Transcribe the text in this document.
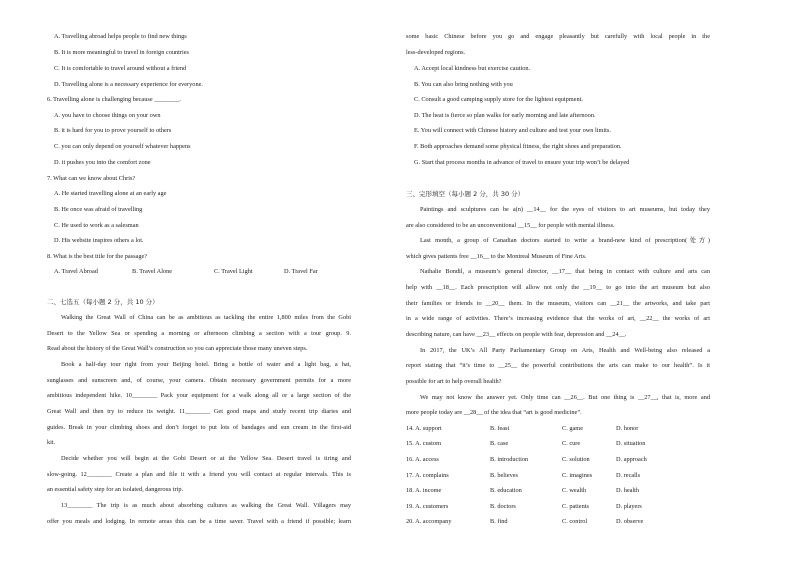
A. Travelling abroad helps people to find new things
B. It is more meaningful to travel in foreign countries
C. It is comfortable to travel around without a friend
D. Travelling alone is a necessary experience for everyone.
6. Travelling alone is challenging because ________.
A. you have to choose things on your own
B. it is hard for you to prove yourself to others
C. you can only depend on yourself whatever happens
D. it pushes you into the comfort zone
7. What can we know about Chris?
A. He started travelling alone at an early age
B. He once was afraid of travelling
C. He used to work as a salesman
D. His website inspires others a lot.
8. What is the best title for the passage?
A. Travel Abroad	B. Travel Alone	C. Travel Light	D. Travel Far
二、七选五（每小题 2 分，共 10 分）
Walking the Great Wall of China can be as ambitious as tackling the entire 1,800 miles from the Gobi
Desert to the Yellow Sea or spending a morning or afternoon climbing a section with a tour group. 9.
Read about the history of the Great Wall’s construction so you can appreciate those many uneven steps.
Book a half-day tour right from your Beijing hotel. Bring a bottle of water and a light bag, a hat,
sunglasses and sunscreen and, of course, your camera. Obtain necessary government permits for a more
ambitious independent hike. 10________ Pack your equipment for a walk along all or a large section of the
Great Wall and then try to reduce its weight. 11________ Get good maps and study recent trip diaries and
guides. Break in your climbing shoes and don’t forget to put lots of bandages and sun cream in the first-aid
kit.
Decide whether you will begin at the Gobi Desert or at the Yellow Sea. Desert travel is tiring and
slow-going. 12________ Create a plan and file it with a friend you will contact at regular intervals. This is
an essential safety step for an isolated, dangerous trip.
13________ The trip is as much about absorbing cultures as walking the Great Wall. Villagers may
offer you meals and lodging. In remote areas this can be a time saver. Travel with a friend if possible; learn
some basic Chinese before you go and engage pleasantly but carefully with local people in the
less-developed regions.
A. Accept local kindness but exercise caution.
B. You can also bring nothing with you
C. Consult a good camping supply store for the lightest equipment.
D. The heat is fierce so plan walks for early morning and late afternoon.
E. You will connect with Chinese history and culture and test your own limits.
F. Both approaches demand some physical fitness, the right shoes and preparation.
G. Start that process months in advance of travel to ensure your trip won’t be delayed
三、完形填空（每小题 2 分，共 30 分）
Paintings and sculptures can be a(n) __14__ for the eyes of visitors to art museums, but today they
are also considered to be an unconventional __15__ for people with mental illness.
Last month, a group of Canadian doctors started to write a brand-new kind of prescription(处方)
which gives patients free __16__ to the Montreal Museum of Fine Arts.
Nathalie Bondil, a museum’s general director, __17__ that being in contact with culture and arts can
help with __18__. Each prescription will allow not only the __19__ to go into the art museum but also
their families or friends to __20__ them. In the museum, visitors can __21__ the artworks, and take part
in a wide range of activities. There’s increasing evidence that the works of art, __22__ the works of art
describing nature, can have __23__ effects on people with fear, depression and __24__.
In 2017, the UK’s All Party Parliamentary Group on Arts, Health and Well-being also released a
report stating that “it’s time to __25__ the powerful contributions the arts can make to our health”. Is it
possible for art to help overall health?
We may not know the answer yet. Only time can __26__. But one thing is __27__, that is, more and
more people today are __28__ of the idea that “art is good medicine”.
14. A. support	B. feast	C. game	D. honor
15. A. custom	B. case	C. cure	D. situation
16. A. access	B. introduction	C. solution	D. approach
17. A. complains	B. believes	C. imagines	D. recalls
18. A. income	B. education	C. wealth	D. health
19. A. customers	B. doctors	C. patients	D. players
20. A. accompany	B. find	C. control	D. observe
